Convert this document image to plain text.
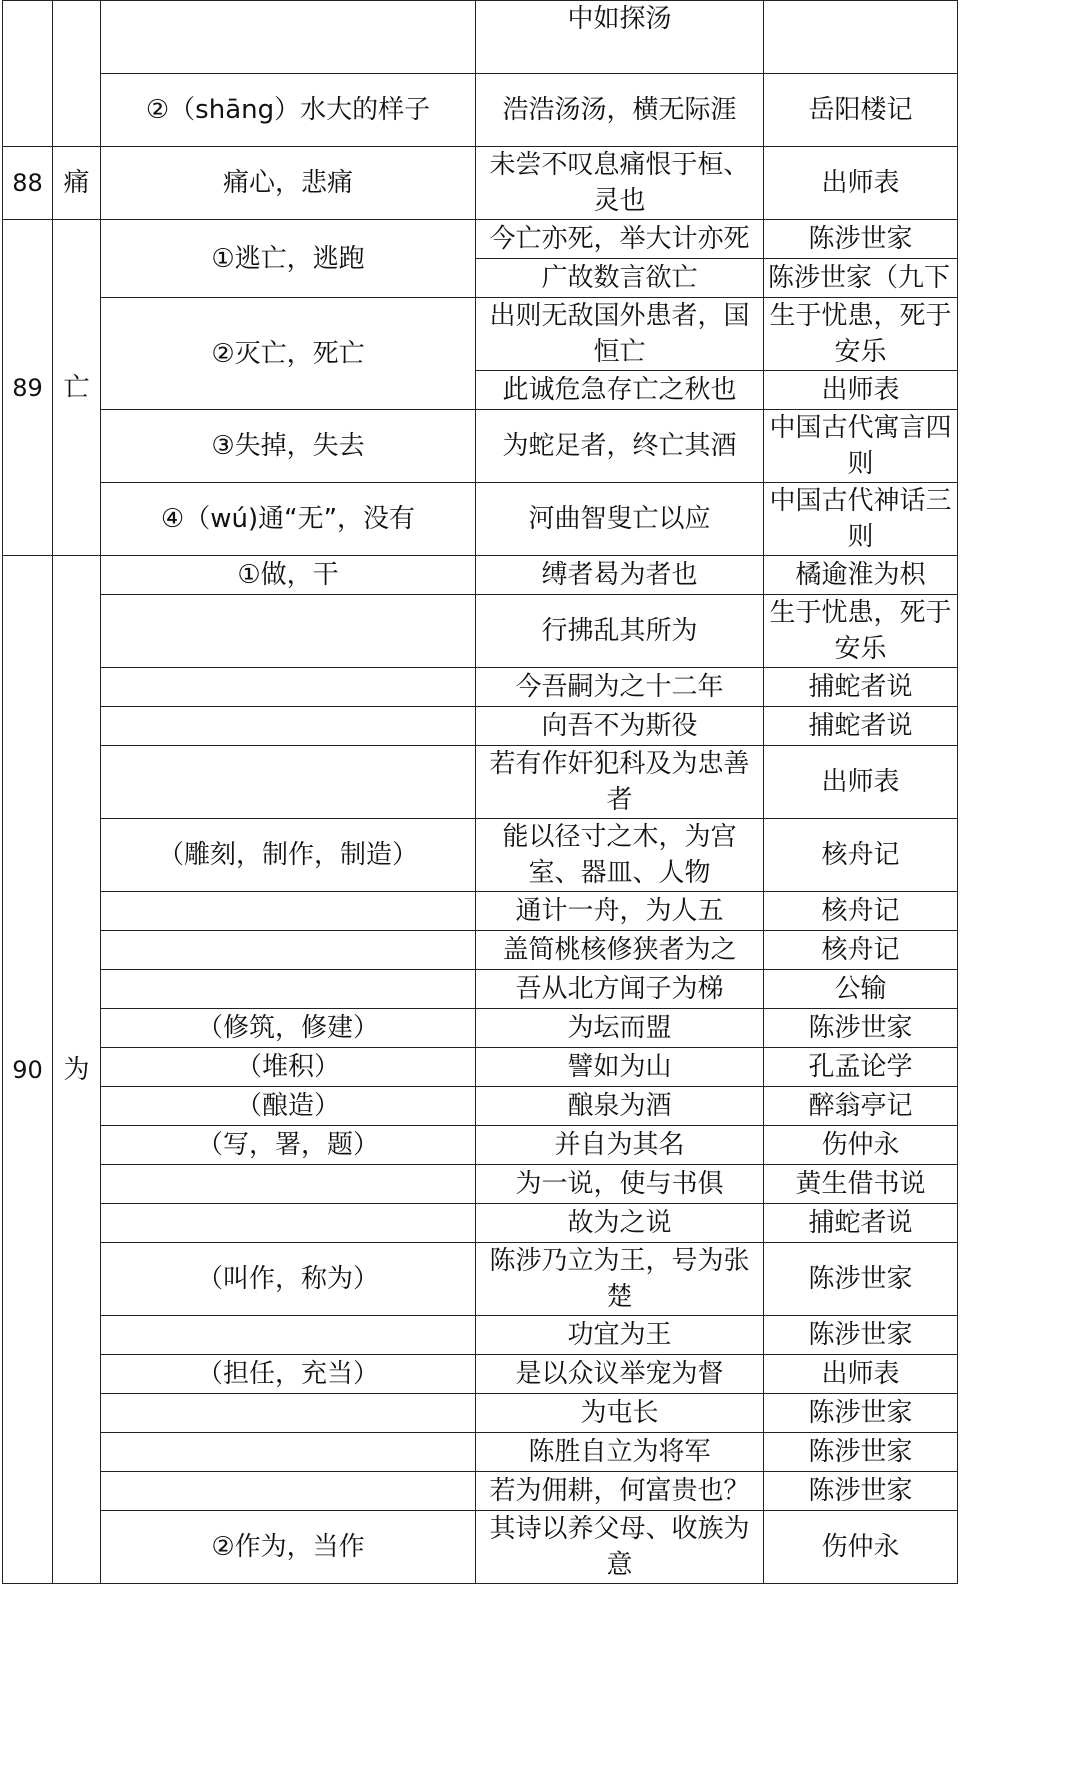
			中如探汤	
		②（shāng）水大的样子	浩浩汤汤，横无际涯	岳阳楼记
88	痛	痛心，悲痛	未尝不叹息痛恨于桓、灵也	出师表
89	亡	①逃亡，逃跑	今亡亦死，举大计亦死	陈涉世家
			广故数言欲亡	陈涉世家（九下
		②灭亡，死亡	出则无敌国外患者，国恒亡	生于忧患，死于安乐
			此诚危急存亡之秋也	出师表
		③失掉，失去	为蛇足者，终亡其酒	中国古代寓言四则
		④（wú)通“无”，没有	河曲智叟亡以应	中国古代神话三则

90	为	①做，干	缚者曷为者也	橘逾淮为枳
			行拂乱其所为	生于忧患，死于安乐
			今吾嗣为之十二年	捕蛇者说
			向吾不为斯役	捕蛇者说
			若有作奸犯科及为忠善者	出师表
		（雕刻，制作，制造）	能以径寸之木，为宫室、器皿、人物	核舟记
			通计一舟，为人五	核舟记
			盖简桃核修狭者为之	核舟记
			吾从北方闻子为梯	公输
		（修筑，修建）	为坛而盟	陈涉世家
		（堆积）	譬如为山	孔孟论学
		（酿造）	酿泉为酒	醉翁亭记
		（写，署，题）	并自为其名	伤仲永
			为一说，使与书俱	黄生借书说
			故为之说	捕蛇者说
		（叫作，称为）	陈涉乃立为王，号为张楚	陈涉世家
			功宜为王	陈涉世家
		（担任，充当）	是以众议举宠为督	出师表
			为屯长	陈涉世家
			陈胜自立为将军	陈涉世家
			若为佣耕，何富贵也？	陈涉世家
		②作为，当作	其诗以养父母、收族为意	伤仲永
